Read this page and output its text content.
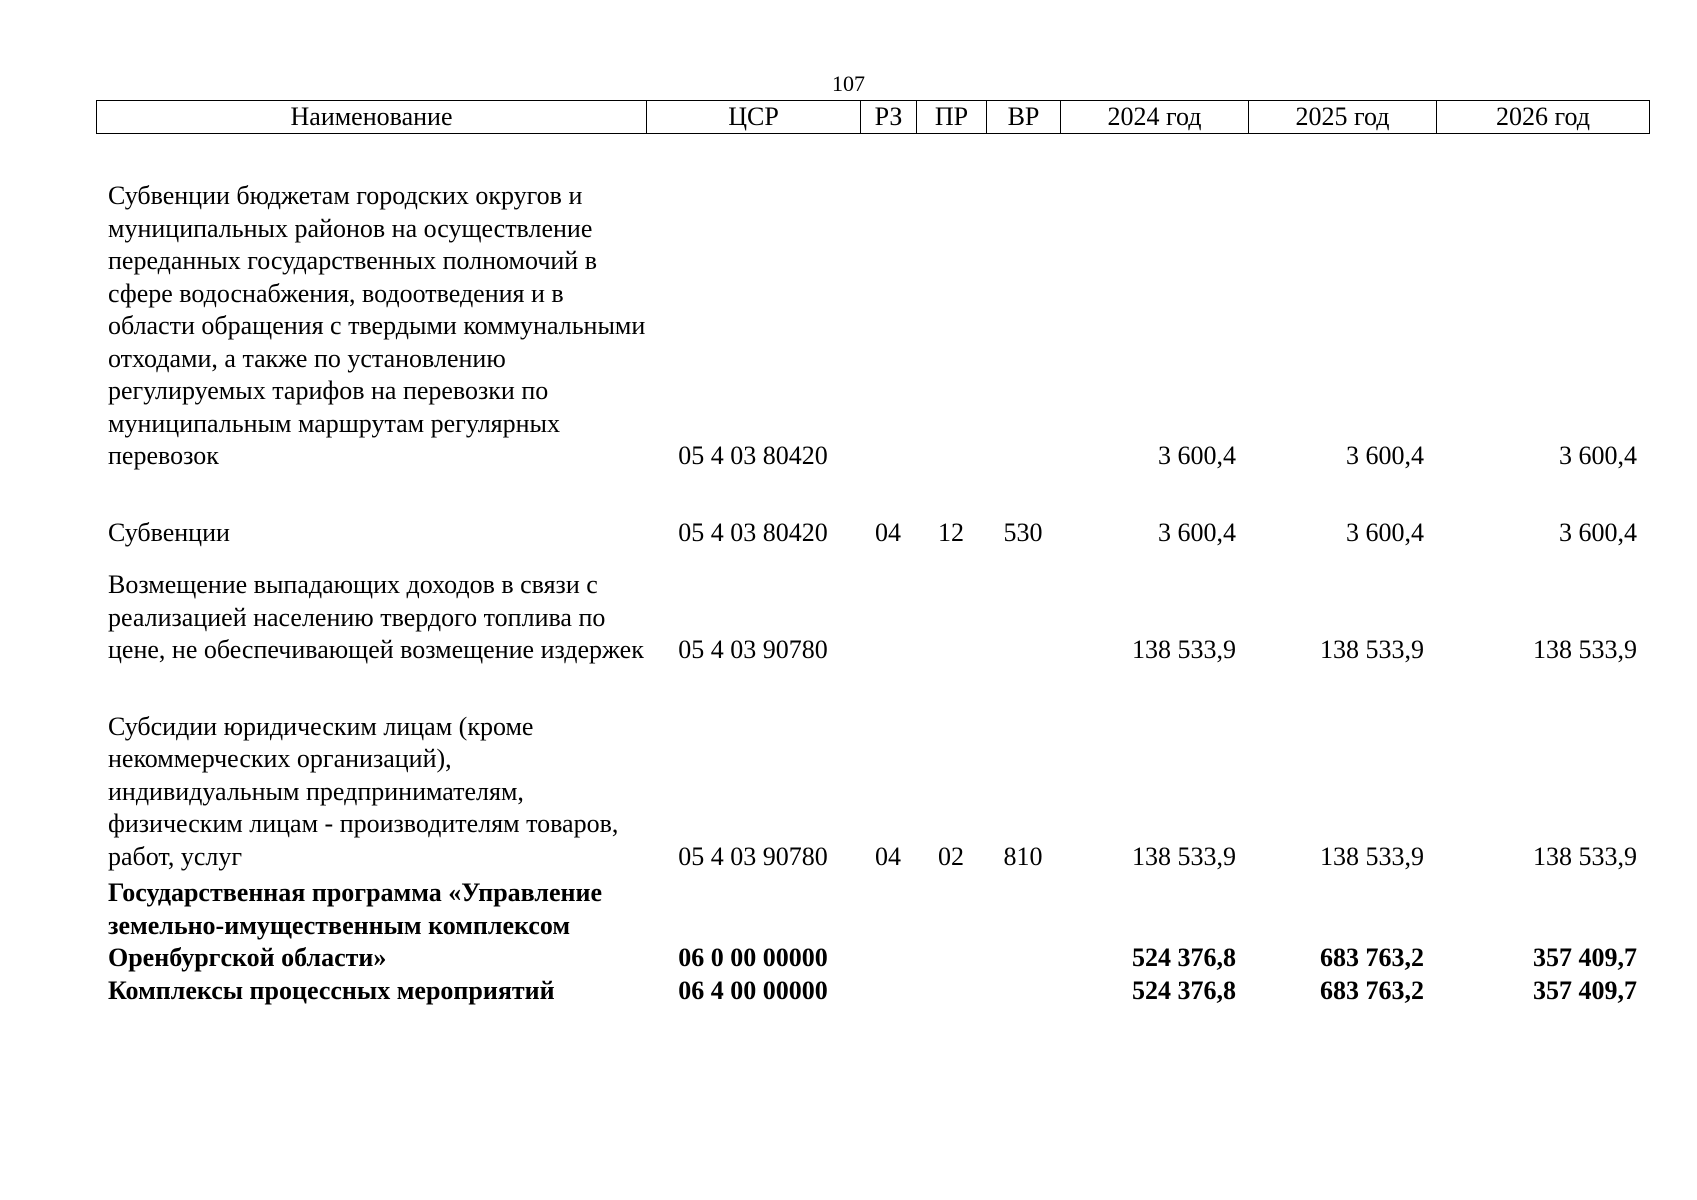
107
Наименование	ЦСР	РЗ	ПР	ВР	2024 год	2025 год	2026 год
Субвенции бюджетам городских округов и муниципальных районов на осуществление переданных государственных полномочий в сфере водоснабжения, водоотведения и в области обращения с твердыми коммунальными отходами, а также по установлению регулируемых тарифов на перевозки по муниципальным маршрутам регулярных перевозок	05 4 03 80420				3 600,4	3 600,4	3 600,4

Субвенции	05 4 03 80420	04	12	530	3 600,4	3 600,4	3 600,4

Возмещение выпадающих доходов в связи с реализацией населению твердого топлива по цене, не обеспечивающей возмещение издержек	05 4 03 90780				138 533,9	138 533,9	138 533,9

Субсидии юридическим лицам (кроме некоммерческих организаций), индивидуальным предпринимателям, физическим лицам - производителям товаров, работ, услуг	05 4 03 90780	04	02	810	138 533,9	138 533,9	138 533,9

Государственная программа «Управление земельно-имущественным комплексом Оренбургской области»	06 0 00 00000				524 376,8	683 763,2	357 409,7
Комплексы процессных мероприятий	06 4 00 00000				524 376,8	683 763,2	357 409,7
